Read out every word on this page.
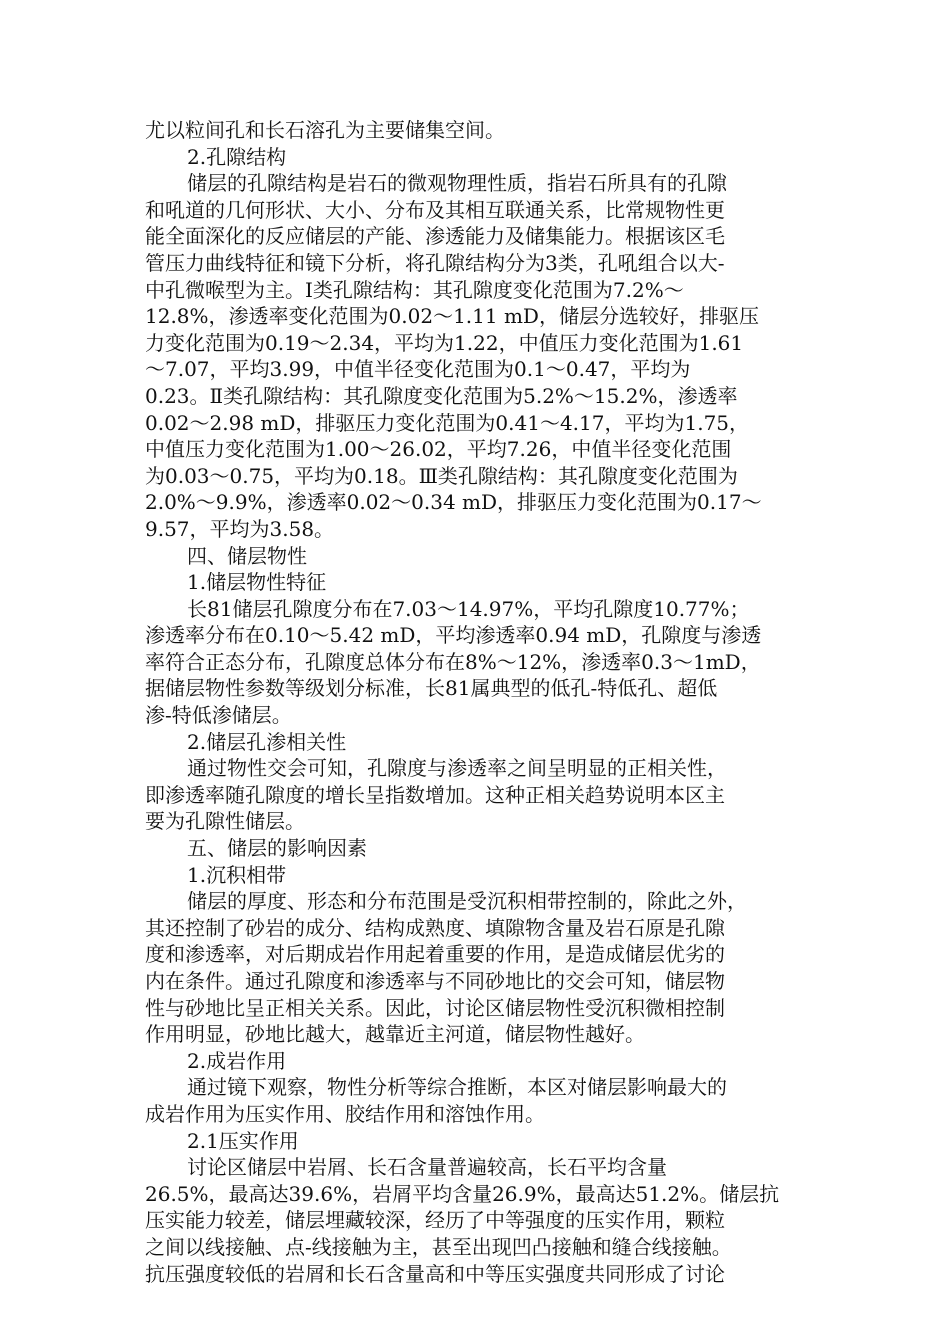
尤以粒间孔和长石溶孔为主要储集空间。
2.孔隙结构
储层的孔隙结构是岩石的微观物理性质，指岩石所具有的孔隙
和吼道的几何形状、大小、分布及其相互联通关系，比常规物性更
能全面深化的反应储层的产能、渗透能力及储集能力。根据该区毛
管压力曲线特征和镜下分析，将孔隙结构分为3类，孔吼组合以大-
中孔微喉型为主。Ⅰ类孔隙结构：其孔隙度变化范围为7.2%～
12.8%，渗透率变化范围为0.02～1.11 mD，储层分选较好，排驱压
力变化范围为0.19～2.34，平均为1.22，中值压力变化范围为1.61
～7.07，平均3.99，中值半径变化范围为0.1～0.47，平均为
0.23。Ⅱ类孔隙结构：其孔隙度变化范围为5.2%～15.2%，渗透率
0.02～2.98 mD，排驱压力变化范围为0.41～4.17，平均为1.75，
中值压力变化范围为1.00～26.02，平均7.26，中值半径变化范围
为0.03～0.75，平均为0.18。Ⅲ类孔隙结构：其孔隙度变化范围为
2.0%～9.9%，渗透率0.02～0.34 mD，排驱压力变化范围为0.17～
9.57，平均为3.58。
四、储层物性
1.储层物性特征
长81储层孔隙度分布在7.03～14.97%，平均孔隙度10.77%；
渗透率分布在0.10～5.42 mD，平均渗透率0.94 mD，孔隙度与渗透
率符合正态分布，孔隙度总体分布在8%～12%，渗透率0.3～1mD，
据储层物性参数等级划分标准，长81属典型的低孔-特低孔、超低
渗-特低渗储层。
2.储层孔渗相关性
通过物性交会可知，孔隙度与渗透率之间呈明显的正相关性，
即渗透率随孔隙度的增长呈指数增加。这种正相关趋势说明本区主
要为孔隙性储层。
五、储层的影响因素
1.沉积相带
储层的厚度、形态和分布范围是受沉积相带控制的，除此之外，
其还控制了砂岩的成分、结构成熟度、填隙物含量及岩石原是孔隙
度和渗透率，对后期成岩作用起着重要的作用，是造成储层优劣的
内在条件。通过孔隙度和渗透率与不同砂地比的交会可知，储层物
性与砂地比呈正相关关系。因此，讨论区储层物性受沉积微相控制
作用明显，砂地比越大，越靠近主河道，储层物性越好。
2.成岩作用
通过镜下观察，物性分析等综合推断，本区对储层影响最大的
成岩作用为压实作用、胶结作用和溶蚀作用。
2.1压实作用
讨论区储层中岩屑、长石含量普遍较高，长石平均含量
26.5%，最高达39.6%，岩屑平均含量26.9%，最高达51.2%。储层抗
压实能力较差，储层埋藏较深，经历了中等强度的压实作用，颗粒
之间以线接触、点-线接触为主，甚至出现凹凸接触和缝合线接触。
抗压强度较低的岩屑和长石含量高和中等压实强度共同形成了讨论
